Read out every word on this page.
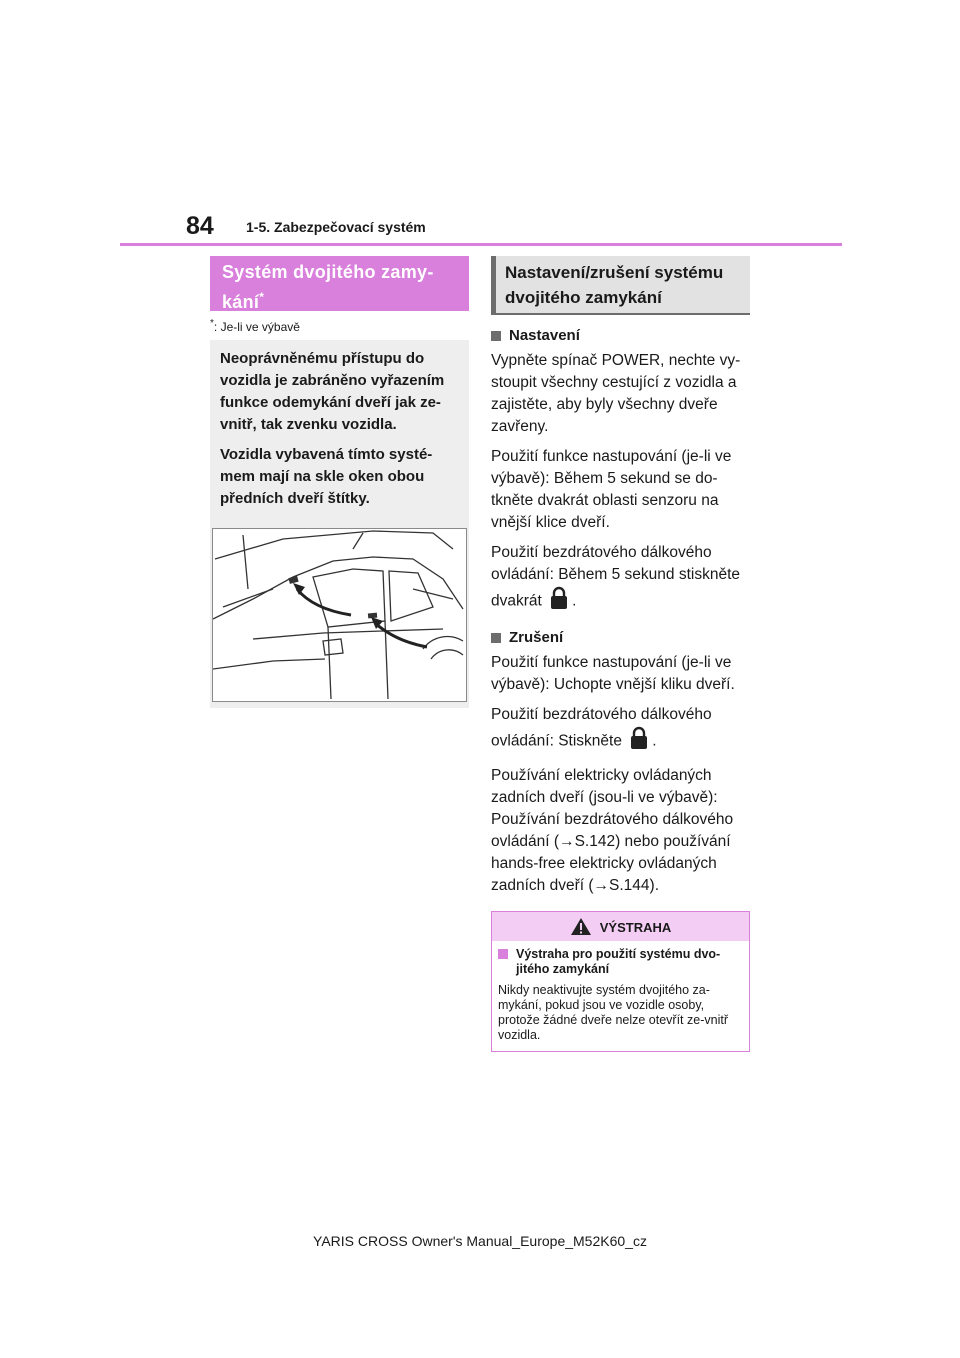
84 1-5. Zabezpečovací systém
Systém dvojitého zamy-kání*
*: Je-li ve výbavě

Neoprávněnému přístupu do vozidla je zabráněno vyřazením funkce odemykání dveří jak ze-vnitř, tak zvenku vozidla.

Vozidla vybavená tímto systé-mem mají na skle oken obou předních dveří štítky.

Nastavení/zrušení systému dvojitého zamykání
Nastavení

Vypněte spínač POWER, nechte vy-stoupit všechny cestující z vozidla a zajistěte, aby byly všechny dveře zavřeny.

Použití funkce nastupování (je-li ve výbavě): Během 5 sekund se do-tkněte dvakrát oblasti senzoru na vnější klice dveří.

Použití bezdrátového dálkového ovládání: Během 5 sekund stiskněte dvakrát .

Zrušení

Použití funkce nastupování (je-li ve výbavě): Uchopte vnější kliku dveří.

Použití bezdrátového dálkového ovládání: Stiskněte .

Používání elektricky ovládaných zadních dveří (jsou-li ve výbavě): Používání bezdrátového dálkového ovládání (→S.142) nebo používání hands-free elektricky ovládaných zadních dveří (→S.144).

VÝSTRAHA
Výstraha pro použití systému dvo-jitého zamykání

Nikdy neaktivujte systém dvojitého za-mykání, pokud jsou ve vozidle osoby, protože žádné dveře nelze otevřít ze-vnitř vozidla.

YARIS CROSS Owner's Manual_Europe_M52K60_cz
